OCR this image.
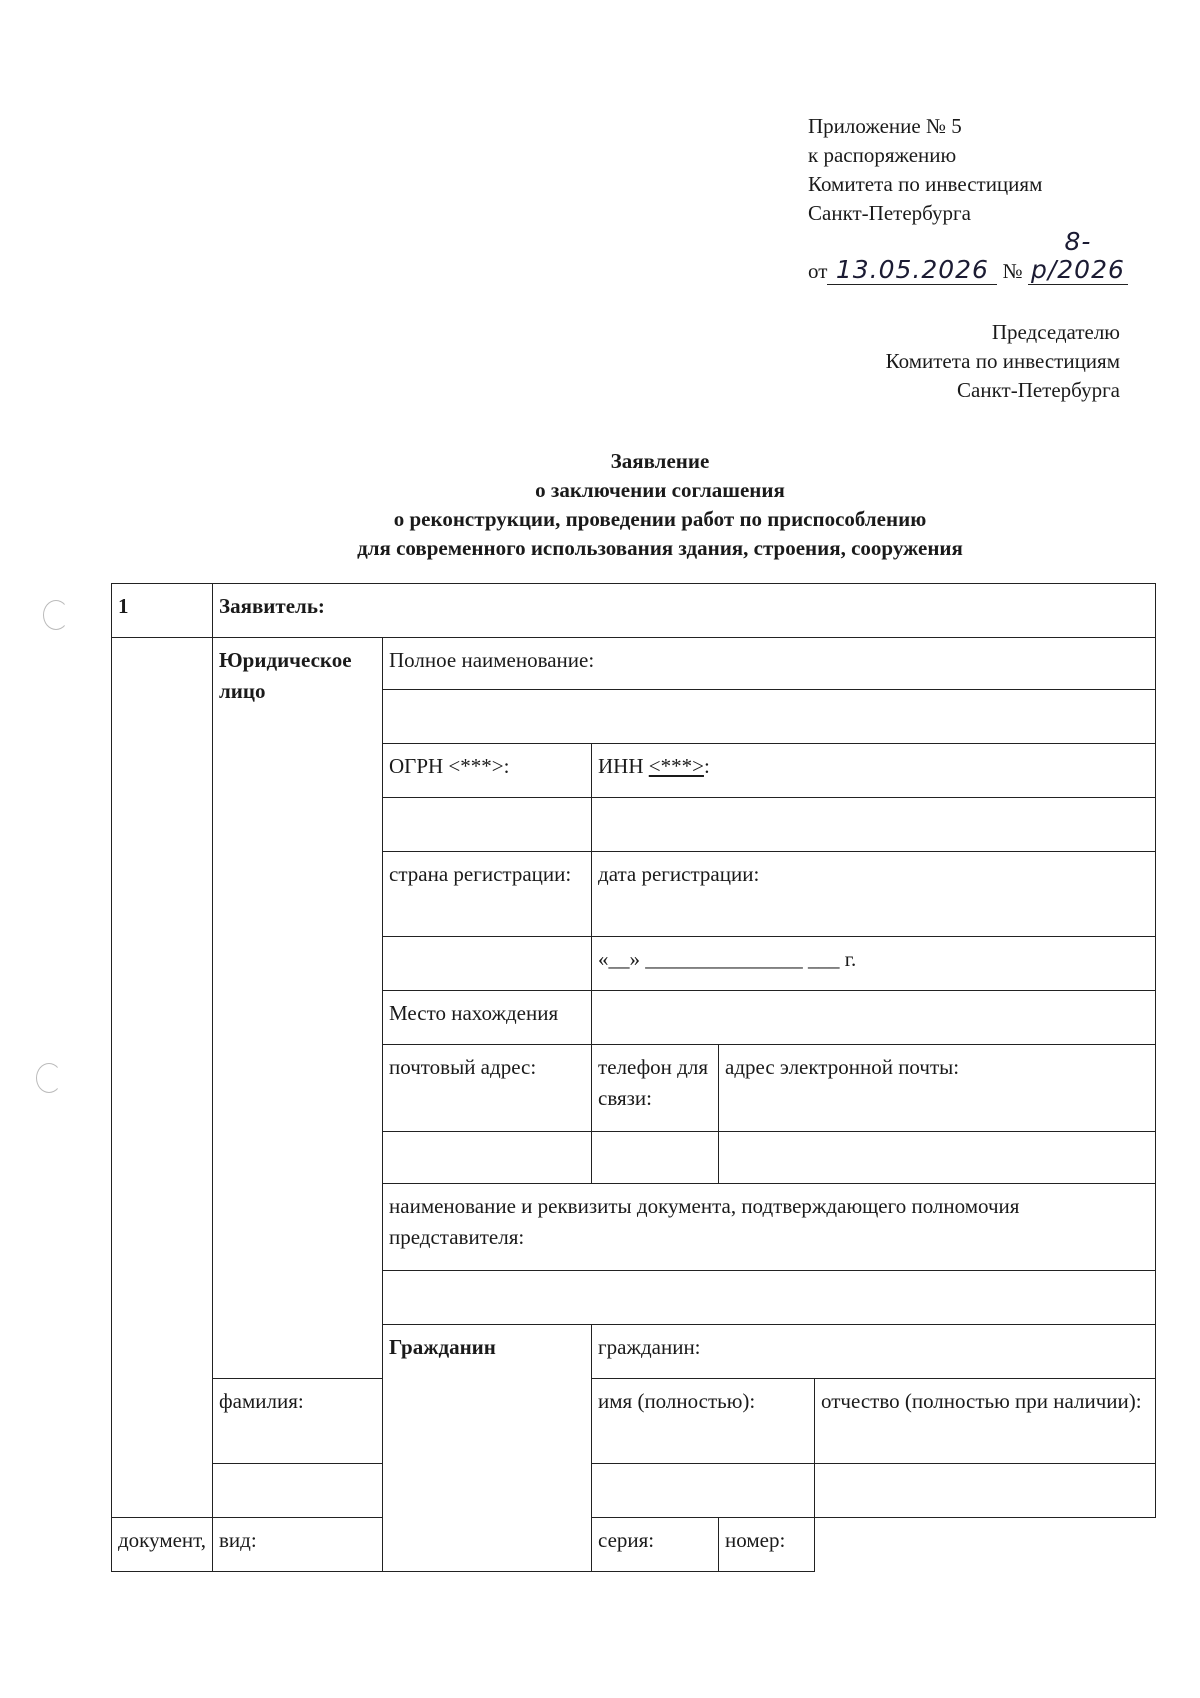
Приложение № 5
к распоряжению
Комитета по инвестициям
Санкт-Петербурга
от 13.05.2026 № 8-р/2026
Председателю
Комитета по инвестициям
Санкт-Петербурга
Заявление
о заключении соглашения
о реконструкции, проведении работ по приспособлению
для современного использования здания, строения, сооружения
1	Заявитель:				
	Юридическое лицо	Полное наименование:			

		ОГРН <***>:	ИНН <***>:		

		страна регистрации:	дата регистрации:		
			«__» _______________ ___ г.		
		Место нахождения			
		почтовый адрес:	телефон для связи:	адрес электронной почты:	

		наименование и реквизиты документа, подтверждающего полномочия представителя:			

		Гражданин	гражданин:		
	фамилия:		имя (полностью):		отчество (полностью при наличии):

документ,	вид:		серия:	номер:	
